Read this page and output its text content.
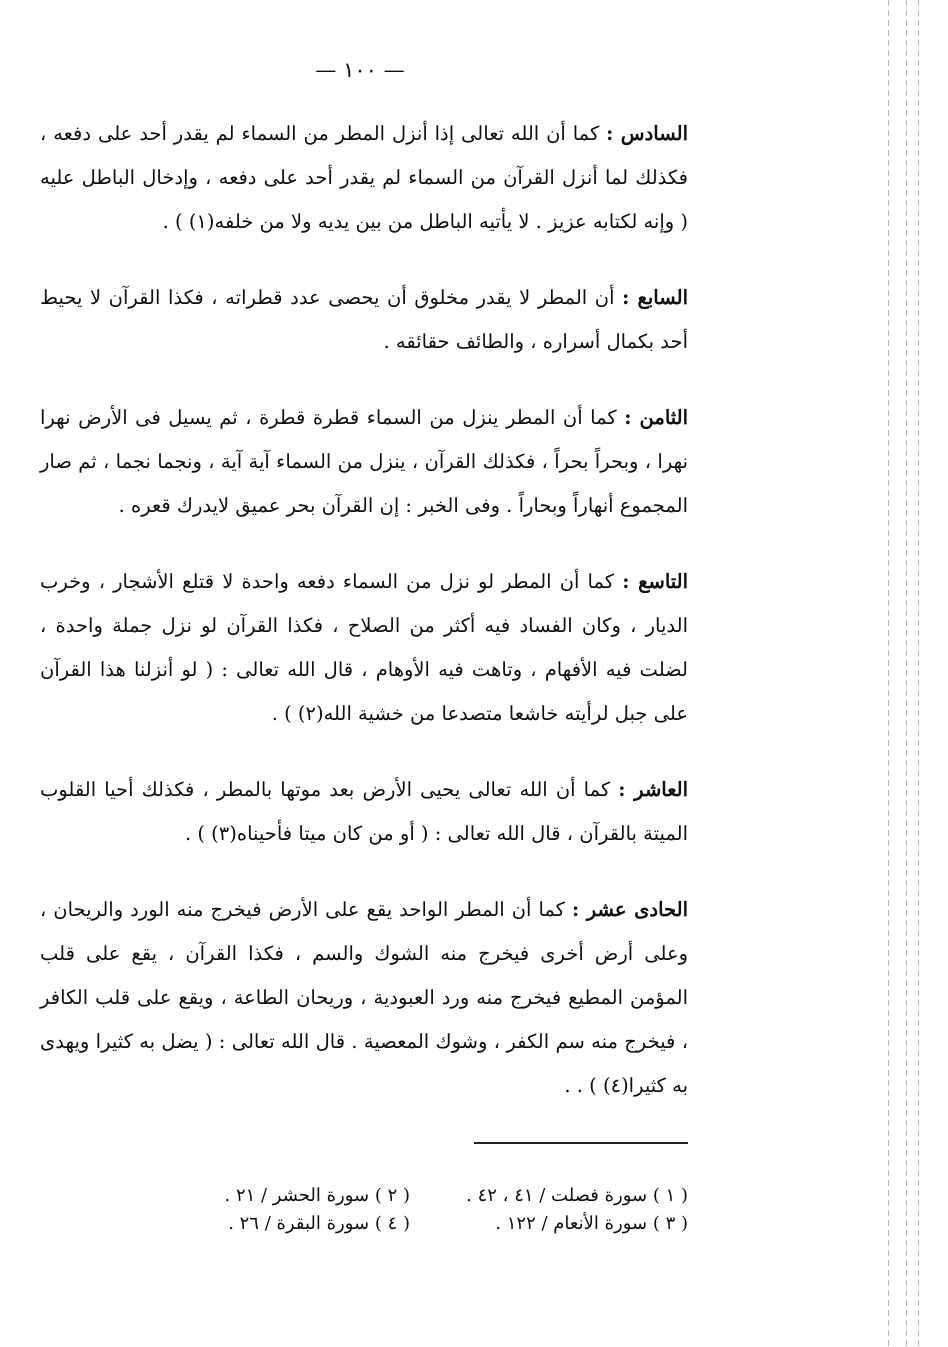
— ١٠٠ —

السادس : كما أن الله تعالى إذا أنزل المطر من السماء لم يقدر أحد على دفعه ، فكذلك لما أنزل القرآن من السماء لم يقدر أحد على دفعه ، وإدخال الباطل عليه ( وإنه لكتابه عزيز . لا يأتيه الباطل من بين يديه ولا من خلفه(١) ) .

السابع : أن المطر لا يقدر مخلوق أن يحصى عدد قطراته ، فكذا القرآن لا يحيط أحد بكمال أسراره ، والطائف حقائقه .

الثامن : كما أن المطر ينزل من السماء قطرة قطرة ، ثم يسيل فى الأرض نهرا نهرا ، وبحراً بحراً ، فكذلك القرآن ، ينزل من السماء آية آية ، ونجما نجما ، ثم صار المجموع أنهاراً وبحاراً . وفى الخبر : إن القرآن بحر عميق لايدرك قعره .

التاسع : كما أن المطر لو نزل من السماء دفعه واحدة لا قتلع الأشجار ، وخرب الديار ، وكان الفساد فيه أكثر من الصلاح ، فكذا القرآن لو نزل جملة واحدة ، لضلت فيه الأفهام ، وتاهت فيه الأوهام ، قال الله تعالى : ( لو أنزلنا هذا القرآن على جبل لرأيته خاشعا متصدعا من خشية الله(٢) ) .

العاشر : كما أن الله تعالى يحيى الأرض بعد موتها بالمطر ، فكذلك أحيا القلوب الميتة بالقرآن ، قال الله تعالى : ( أو من كان ميتا فأحيناه(٣) ) .

الحادى عشر : كما أن المطر الواحد يقع على الأرض فيخرج منه الورد والريحان ، وعلى أرض أخرى فيخرج منه الشوك والسم ، فكذا القرآن ، يقع على قلب المؤمن المطيع فيخرج منه ورد العبودية ، وريحان الطاعة ، ويقع على قلب الكافر ، فيخرج منه سم الكفر ، وشوك المعصية . قال الله تعالى : ( يضل به كثيرا ويهدى به كثيرا(٤) ) . .

( ١ ) سورة فصلت / ٤١ ، ٤٢ .
( ٢ ) سورة الحشر / ٢١ .
( ٣ ) سورة الأنعام / ١٢٢ .
( ٤ ) سورة البقرة / ٢٦ .
